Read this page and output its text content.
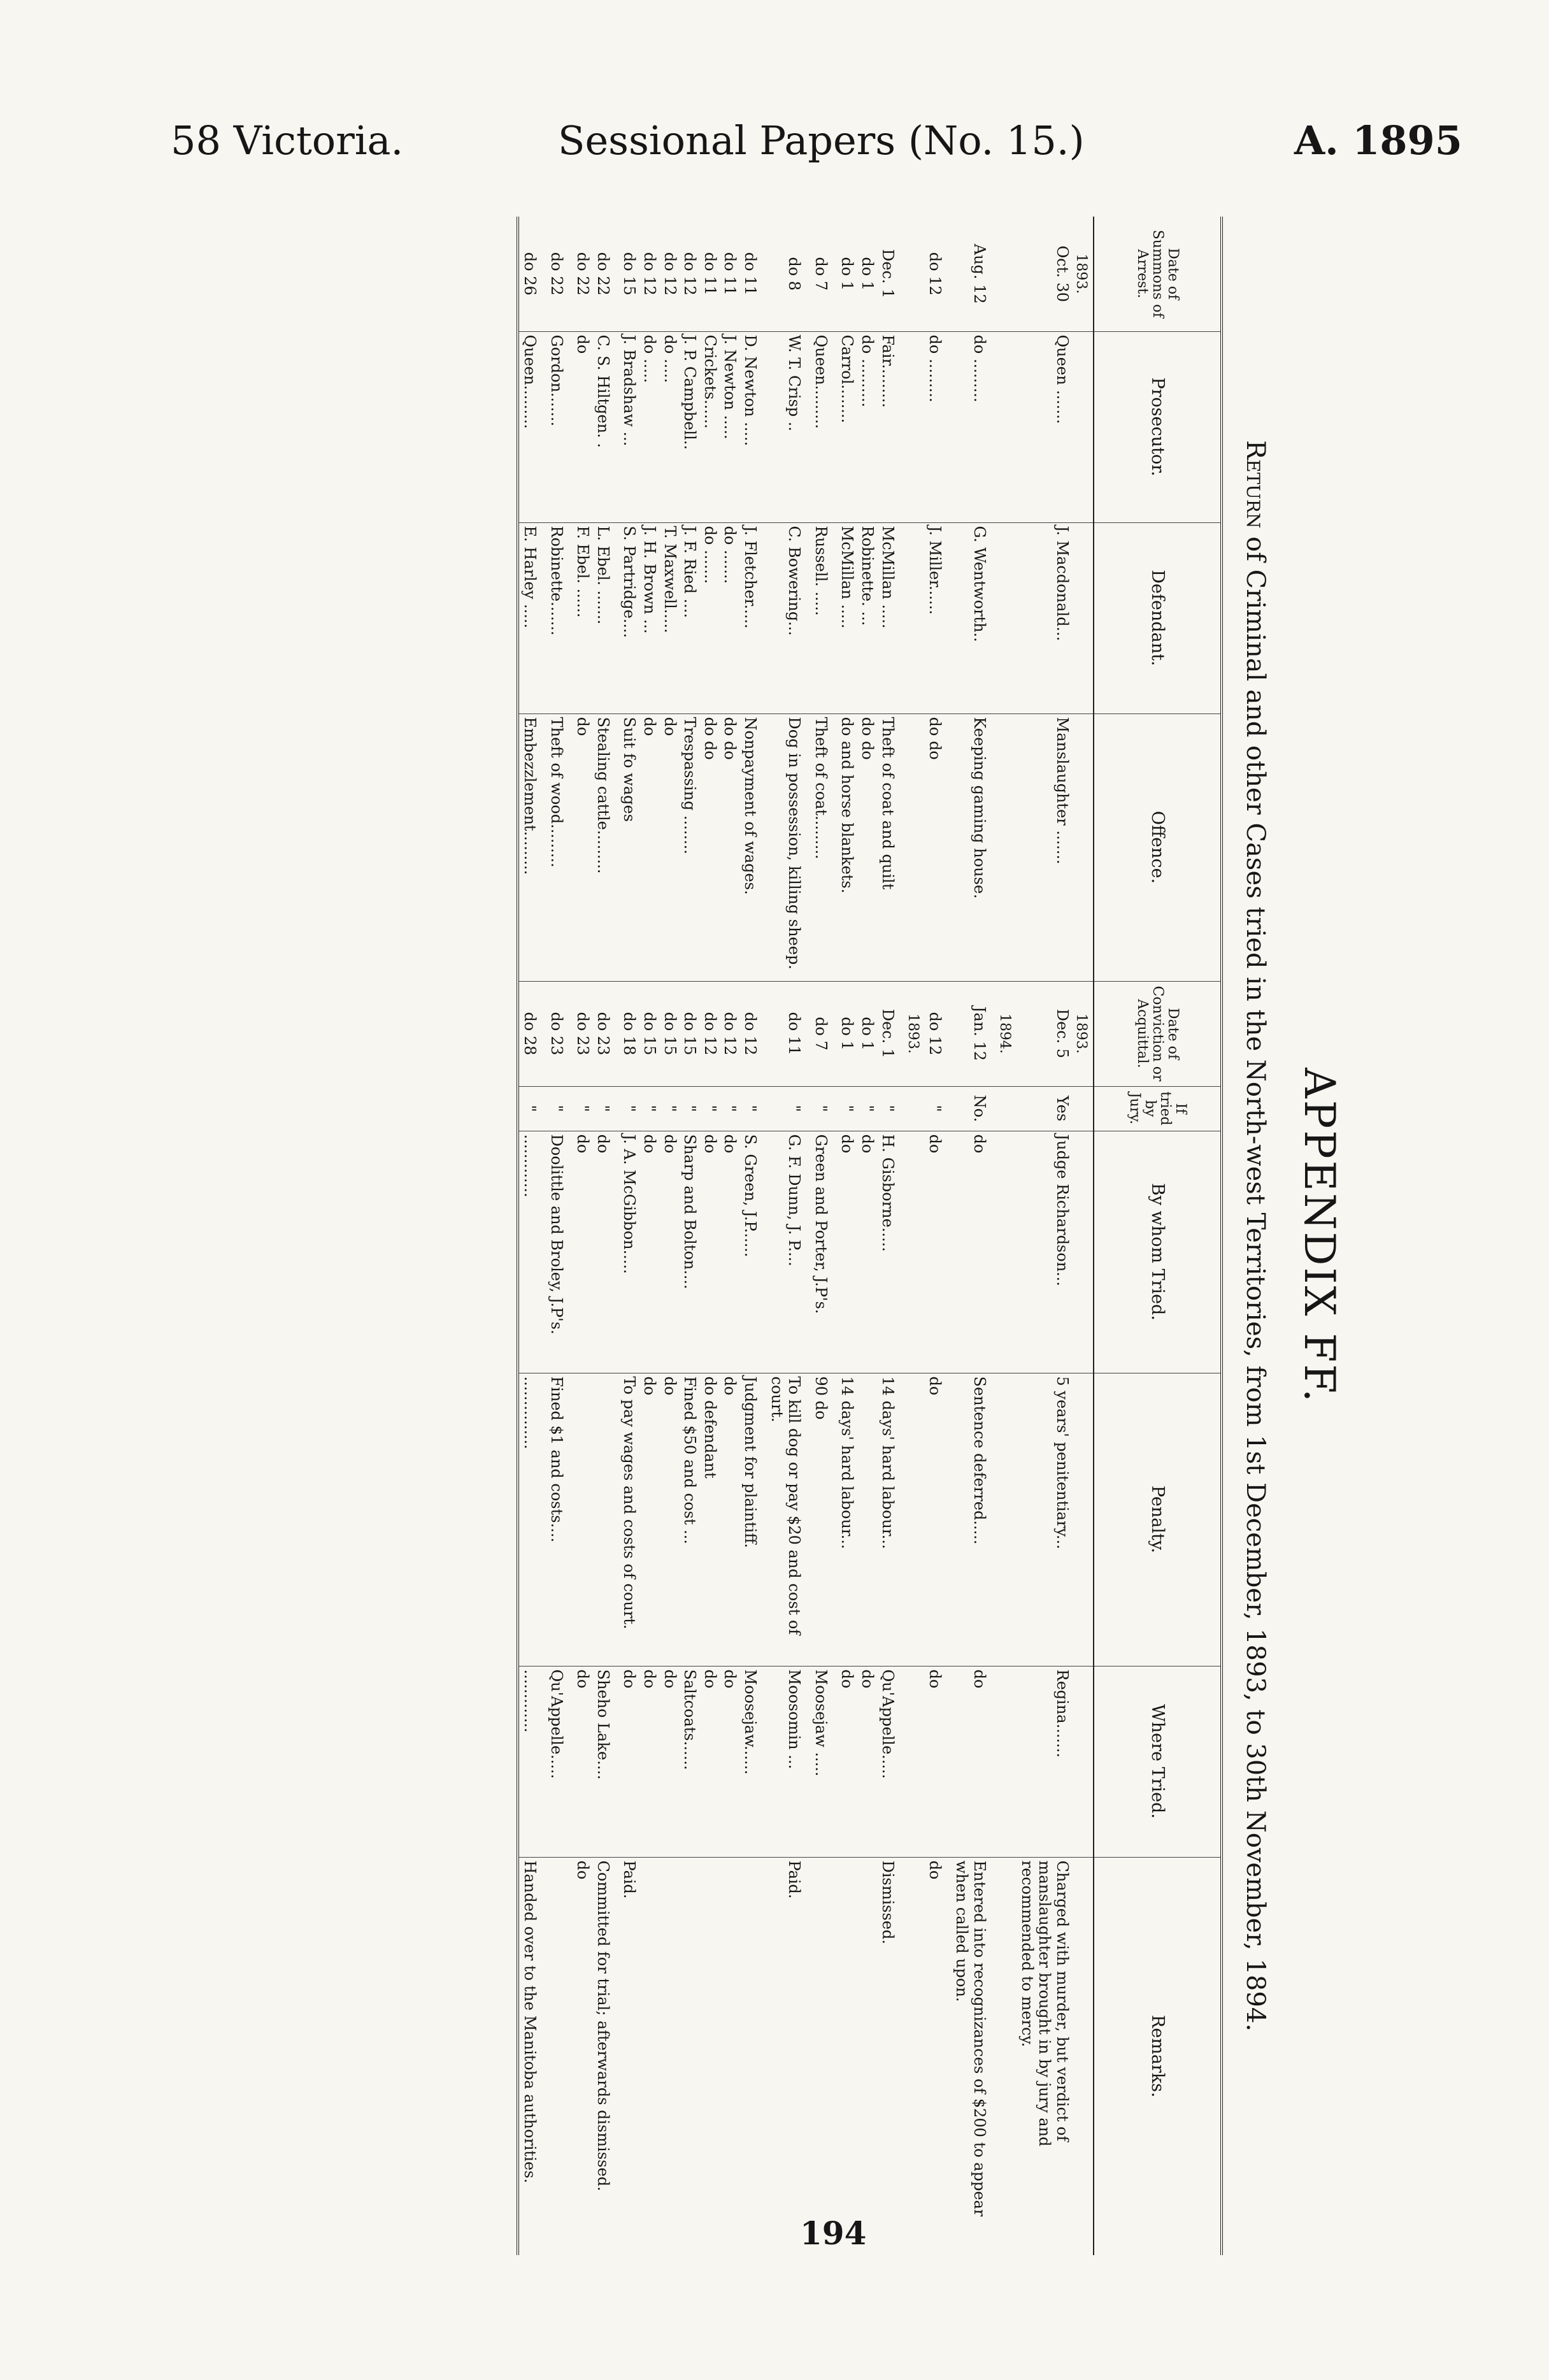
58 Victoria.	Sessional Papers (No. 15.)	A. 1895
APPENDIX FF.
Return of Criminal and other Cases tried in the North-west Territories, from 1st December, 1893, to 30th November, 1894.
Date of Summons of Arrest.	Prosecutor.	Defendant.	Offence.	Date of Conviction or Acquittal.	If tried by Jury.	By whom Tried.	Penalty.	Where Tried.	Remarks.
1893.				1893.					
Oct. 30	Queen .......	J. Macdonald...	Manslaughter .......	Dec. 5	Yes	Judge Richardson...	5 years' penitentiary...	Regina.......	Charged with murder, but verdict of manslaughter brought in by jury and recommended to mercy.
				1894.					
Aug. 12	do .........	G. Wentworth..	Keeping gaming house.	Jan. 12	No.	do	Sentence deferred.....	do	Entered into recognizances of $200 to appear when called upon.
do 12	do .........	J. Miller......	do do	do 12	"	do	do	do	do
				1893.					
Dec. 1	Fair.........	McMillan .....	Theft of coat and quilt	Dec. 1	"	H. Gisborne.....	14 days' hard labour...	Qu'Appelle.....	Dismissed.
do 1	do ..........	Robinette. ...	do do	do 1	"	do		do	
do 1	Carrol........	McMillan .....	do and horse blankets.	do 1	"	do	14 days' hard labour...	do	
do 7	Queen.........	Russell. .....	Theft of coat.........	do 7	"	Green and Porter, J.P's.	90 do	Moosejaw .....	
do 8	W. T. Crisp ..	C. Bowering...	Dog in possession, killing sheep.	do 11	"	G. F. Dunn, J. P....	To kill dog or pay $20 and cost of court.	Moosomin ...	Paid.
do 11	D. Newton .....	J. Fletcher.....	Nonpayment of wages.	do 12	"	S. Green, J.P......	Judgment for plaintiff.	Moosejaw......	
do 11	J. Newton .....	do .......	do do	do 12	"	do	do	do	
do 11	Crickets......	do .......	do do	do 12	"	do	do defendant	do	
do 12	J. P. Campbell..	J. F. Ried ....	Trespassing ........	do 15	"	Sharp and Bolton....	Fined $50 and cost ...	Saltcoats......	
do 12	do .....	T. Maxwell.....	do	do 15	"	do	do	do	
do 12	do .....	J. H. Brown ...	do	do 15	"	do	do	do	
do 15	J. Bradshaw ...	S. Partridge....	Suit fo wages	do 18	"	J. A. McGibbon.....	To pay wages and costs of court.	do	Paid.
do 22	C. S. Hiltgen. .	L. Ebel. .......	Stealing cattle.........	do 23	"	do		Sheho Lake....	Committed for trial; afterwards dismissed.
do 22	do	F. Ebel. ......	do	do 23	"	do		do	do
do 22	Gordon.......	Robinette.......	Theft of wood.........	do 23	"	Doolittle and Broley, J.P's.	Fined $1 and costs....	Qu'Appelle.....	
do 26	Queen.........	E. Harley .....	Embezzlement.........	do 28	"	.............	...............	.............	Handed over to the Manitoba authorities.
194
